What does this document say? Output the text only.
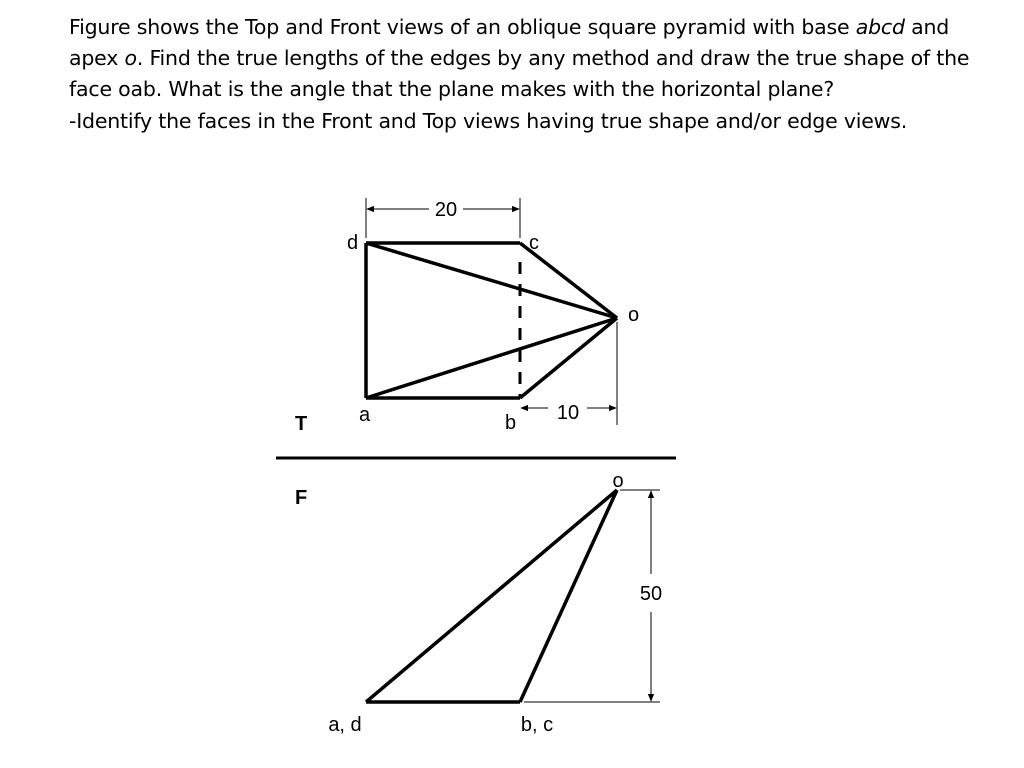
Figure shows the Top and Front views of an oblique square pyramid with base abcd and apex o. Find the true lengths of the edges by any method and draw the true shape of the face oab. What is the angle that the plane makes with the horizontal plane?

-Identify the faces in the Front and Top views having true shape and/or edge views.

20
10
d	c
o
a	b
T
F
50
o
a, d	b, c
